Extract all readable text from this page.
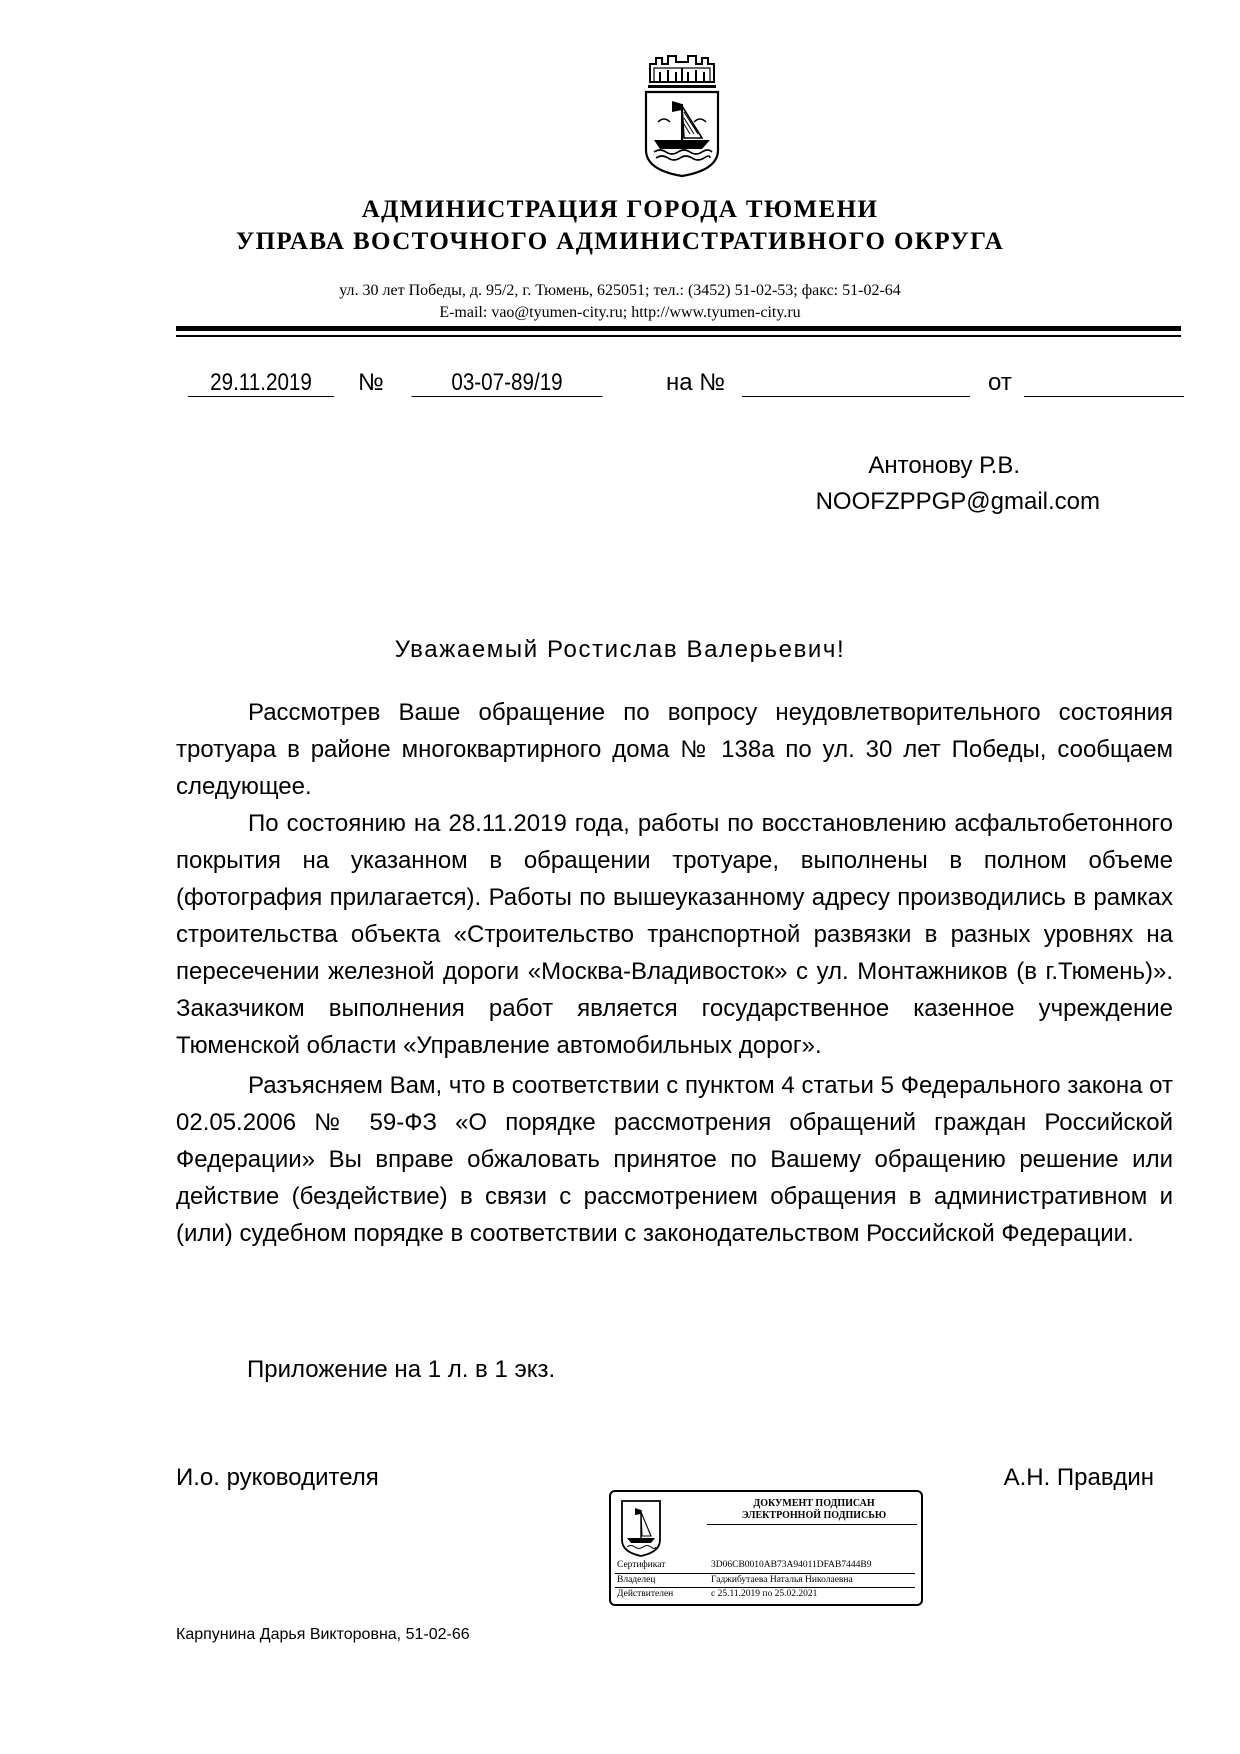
АДМИНИСТРАЦИЯ ГОРОДА ТЮМЕНИ
УПРАВА ВОСТОЧНОГО АДМИНИСТРАТИВНОГО ОКРУГА
ул. 30 лет Победы, д. 95/2, г. Тюмень, 625051; тел.: (3452) 51-02-53; факс: 51-02-64
E-mail: vao@tyumen-city.ru; http://www.tyumen-city.ru
29.11.2019	№	03-07-89/19	на №	от
Антонову Р.В.
NOOFZPPGP@gmail.com
Уважаемый Ростислав Валерьевич!

Рассмотрев Ваше обращение по вопросу неудовлетворительного состояния тротуара в районе многоквартирного дома № 138а по ул. 30 лет Победы, сообщаем следующее.

По состоянию на 28.11.2019 года, работы по восстановлению асфальтобетонного покрытия на указанном в обращении тротуаре, выполнены в полном объеме (фотография прилагается). Работы по вышеуказанному адресу производились в рамках строительства объекта «Строительство транспортной развязки в разных уровнях на пересечении железной дороги «Москва-Владивосток» с ул. Монтажников (в г.Тюмень)». Заказчиком выполнения работ является государственное казенное учреждение Тюменской области «Управление автомобильных дорог».

Разъясняем Вам, что в соответствии с пунктом 4 статьи 5 Федерального закона от 02.05.2006 № 59-ФЗ «О порядке рассмотрения обращений граждан Российской Федерации» Вы вправе обжаловать принятое по Вашему обращению решение или действие (бездействие) в связи с рассмотрением обращения в административном и (или) судебном порядке в соответствии с законодательством Российской Федерации.

Приложение на 1 л. в 1 экз.
И.о. руководителя	А.Н. Правдин
ДОКУМЕНТ ПОДПИСАН
ЭЛЕКТРОННОЙ ПОДПИСЬЮ
Сертификат	3D06CB0010AB73A94011DFAB7444B9
Владелец	Гаджибутаева Наталья Николаевна
Действителен	с 25.11.2019 по 25.02.2021
Карпунина Дарья Викторовна, 51-02-66
